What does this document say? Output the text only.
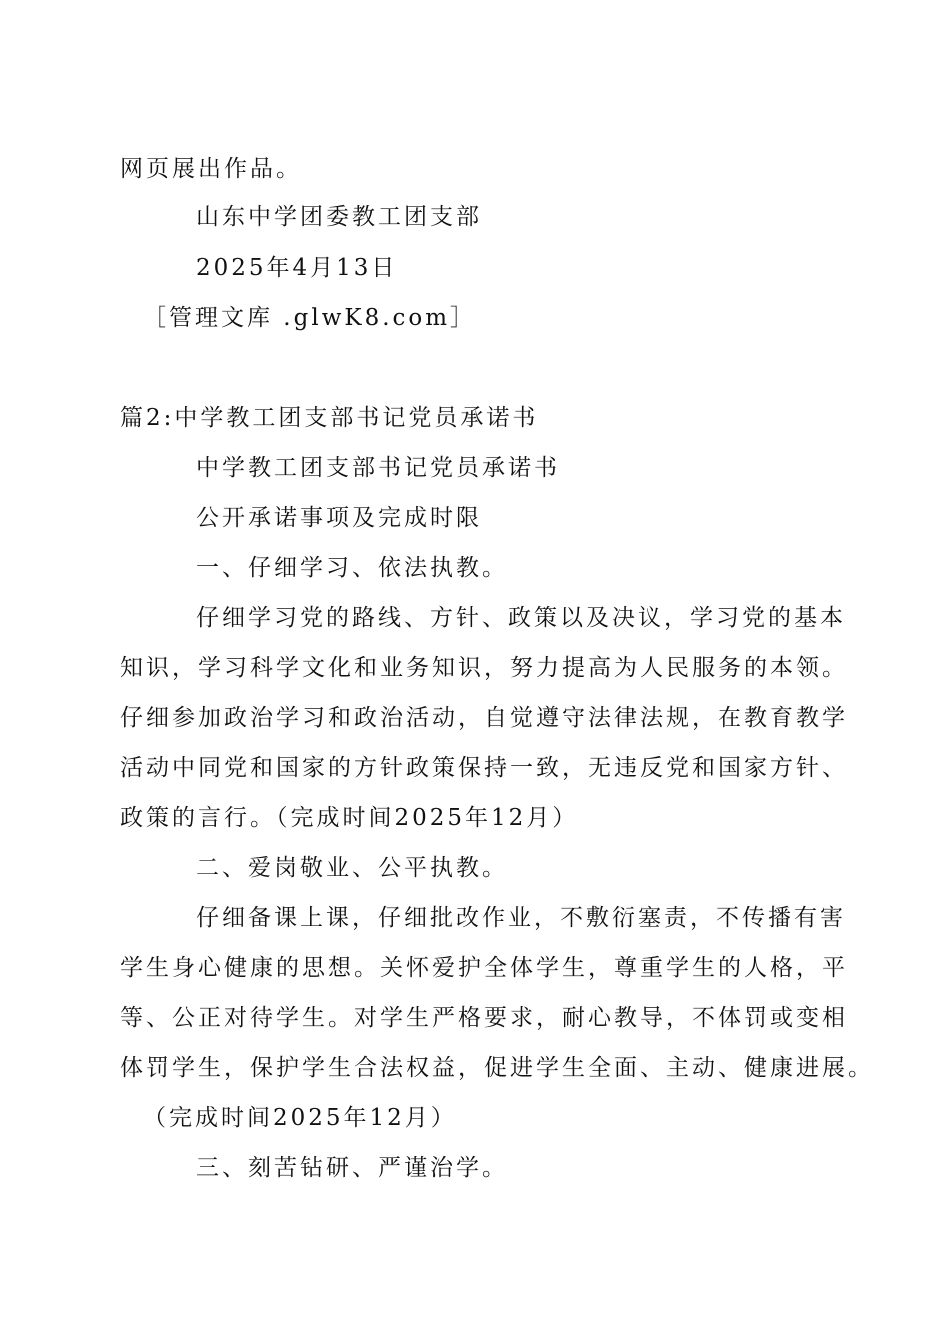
网页展出作品。
山东中学团委教工团支部
2025年4月13日
［管理文库 .glwK8.com］
篇2:中学教工团支部书记党员承诺书
中学教工团支部书记党员承诺书
公开承诺事项及完成时限
一、仔细学习、依法执教。
仔细学习党的路线、方针、政策以及决议，学习党的基本
知识，学习科学文化和业务知识，努力提高为人民服务的本领。
仔细参加政治学习和政治活动，自觉遵守法律法规，在教育教学
活动中同党和国家的方针政策保持一致，无违反党和国家方针、
政策的言行。（完成时间2025年12月）
二、爱岗敬业、公平执教。
仔细备课上课，仔细批改作业，不敷衍塞责，不传播有害
学生身心健康的思想。关怀爱护全体学生，尊重学生的人格，平
等、公正对待学生。对学生严格要求，耐心教导，不体罚或变相
体罚学生，保护学生合法权益，促进学生全面、主动、健康进展。
（完成时间2025年12月）
三、刻苦钻研、严谨治学。
